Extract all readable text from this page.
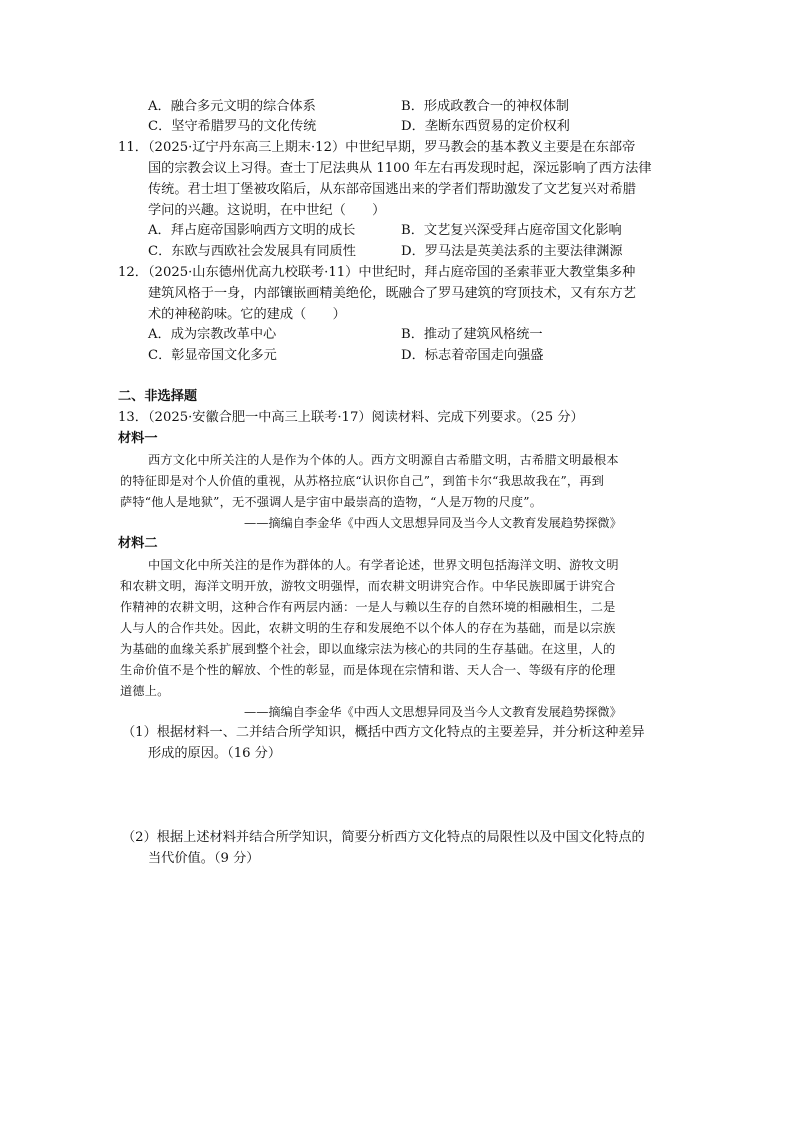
A．融合多元文明的综合体系	B．形成政教合一的神权体制
C．坚守希腊罗马的文化传统	D．垄断东西贸易的定价权利
11．（2025·辽宁丹东高三上期末·12）中世纪早期，罗马教会的基本教义主要是在东部帝
国的宗教会议上习得。查士丁尼法典从 1100 年左右再发现时起，深远影响了西方法律
传统。君士坦丁堡被攻陷后，从东部帝国逃出来的学者们帮助激发了文艺复兴对希腊
学问的兴趣。这说明，在中世纪（　　）
A．拜占庭帝国影响西方文明的成长	B．文艺复兴深受拜占庭帝国文化影响
C．东欧与西欧社会发展具有同质性	D．罗马法是英美法系的主要法律渊源
12．（2025·山东德州优高九校联考·11）中世纪时，拜占庭帝国的圣索菲亚大教堂集多种
建筑风格于一身，内部镶嵌画精美绝伦，既融合了罗马建筑的穹顶技术，又有东方艺
术的神秘韵味。它的建成（　　）
A．成为宗教改革中心	B．推动了建筑风格统一
C．彰显帝国文化多元	D．标志着帝国走向强盛
二、非选择题
13．（2025·安徽合肥一中高三上联考·17）阅读材料、完成下列要求。（25 分）
材料一
西方文化中所关注的人是作为个体的人。西方文明源自古希腊文明，古希腊文明最根本
的特征即是对个人价值的重视，从苏格拉底“认识你自己”，到笛卡尔“我思故我在”，再到
萨特“他人是地狱”，无不强调人是宇宙中最崇高的造物，“人是万物的尺度”。
——摘编自李金华《中西人文思想异同及当今人文教育发展趋势探微》
材料二
中国文化中所关注的是作为群体的人。有学者论述，世界文明包括海洋文明、游牧文明
和农耕文明，海洋文明开放，游牧文明强悍，而农耕文明讲究合作。中华民族即属于讲究合
作精神的农耕文明，这种合作有两层内涵：一是人与赖以生存的自然环境的相融相生，二是
人与人的合作共处。因此，农耕文明的生存和发展绝不以个体人的存在为基础，而是以宗族
为基础的血缘关系扩展到整个社会，即以血缘宗法为核心的共同的生存基础。在这里，人的
生命价值不是个性的解放、个性的彰显，而是体现在宗情和谐、天人合一、等级有序的伦理
道德上。
——摘编自李金华《中西人文思想异同及当今人文教育发展趋势探微》
（1）根据材料一、二并结合所学知识，概括中西方文化特点的主要差异，并分析这种差异
形成的原因。（16 分）
（2）根据上述材料并结合所学知识，简要分析西方文化特点的局限性以及中国文化特点的
当代价值。（9 分）
